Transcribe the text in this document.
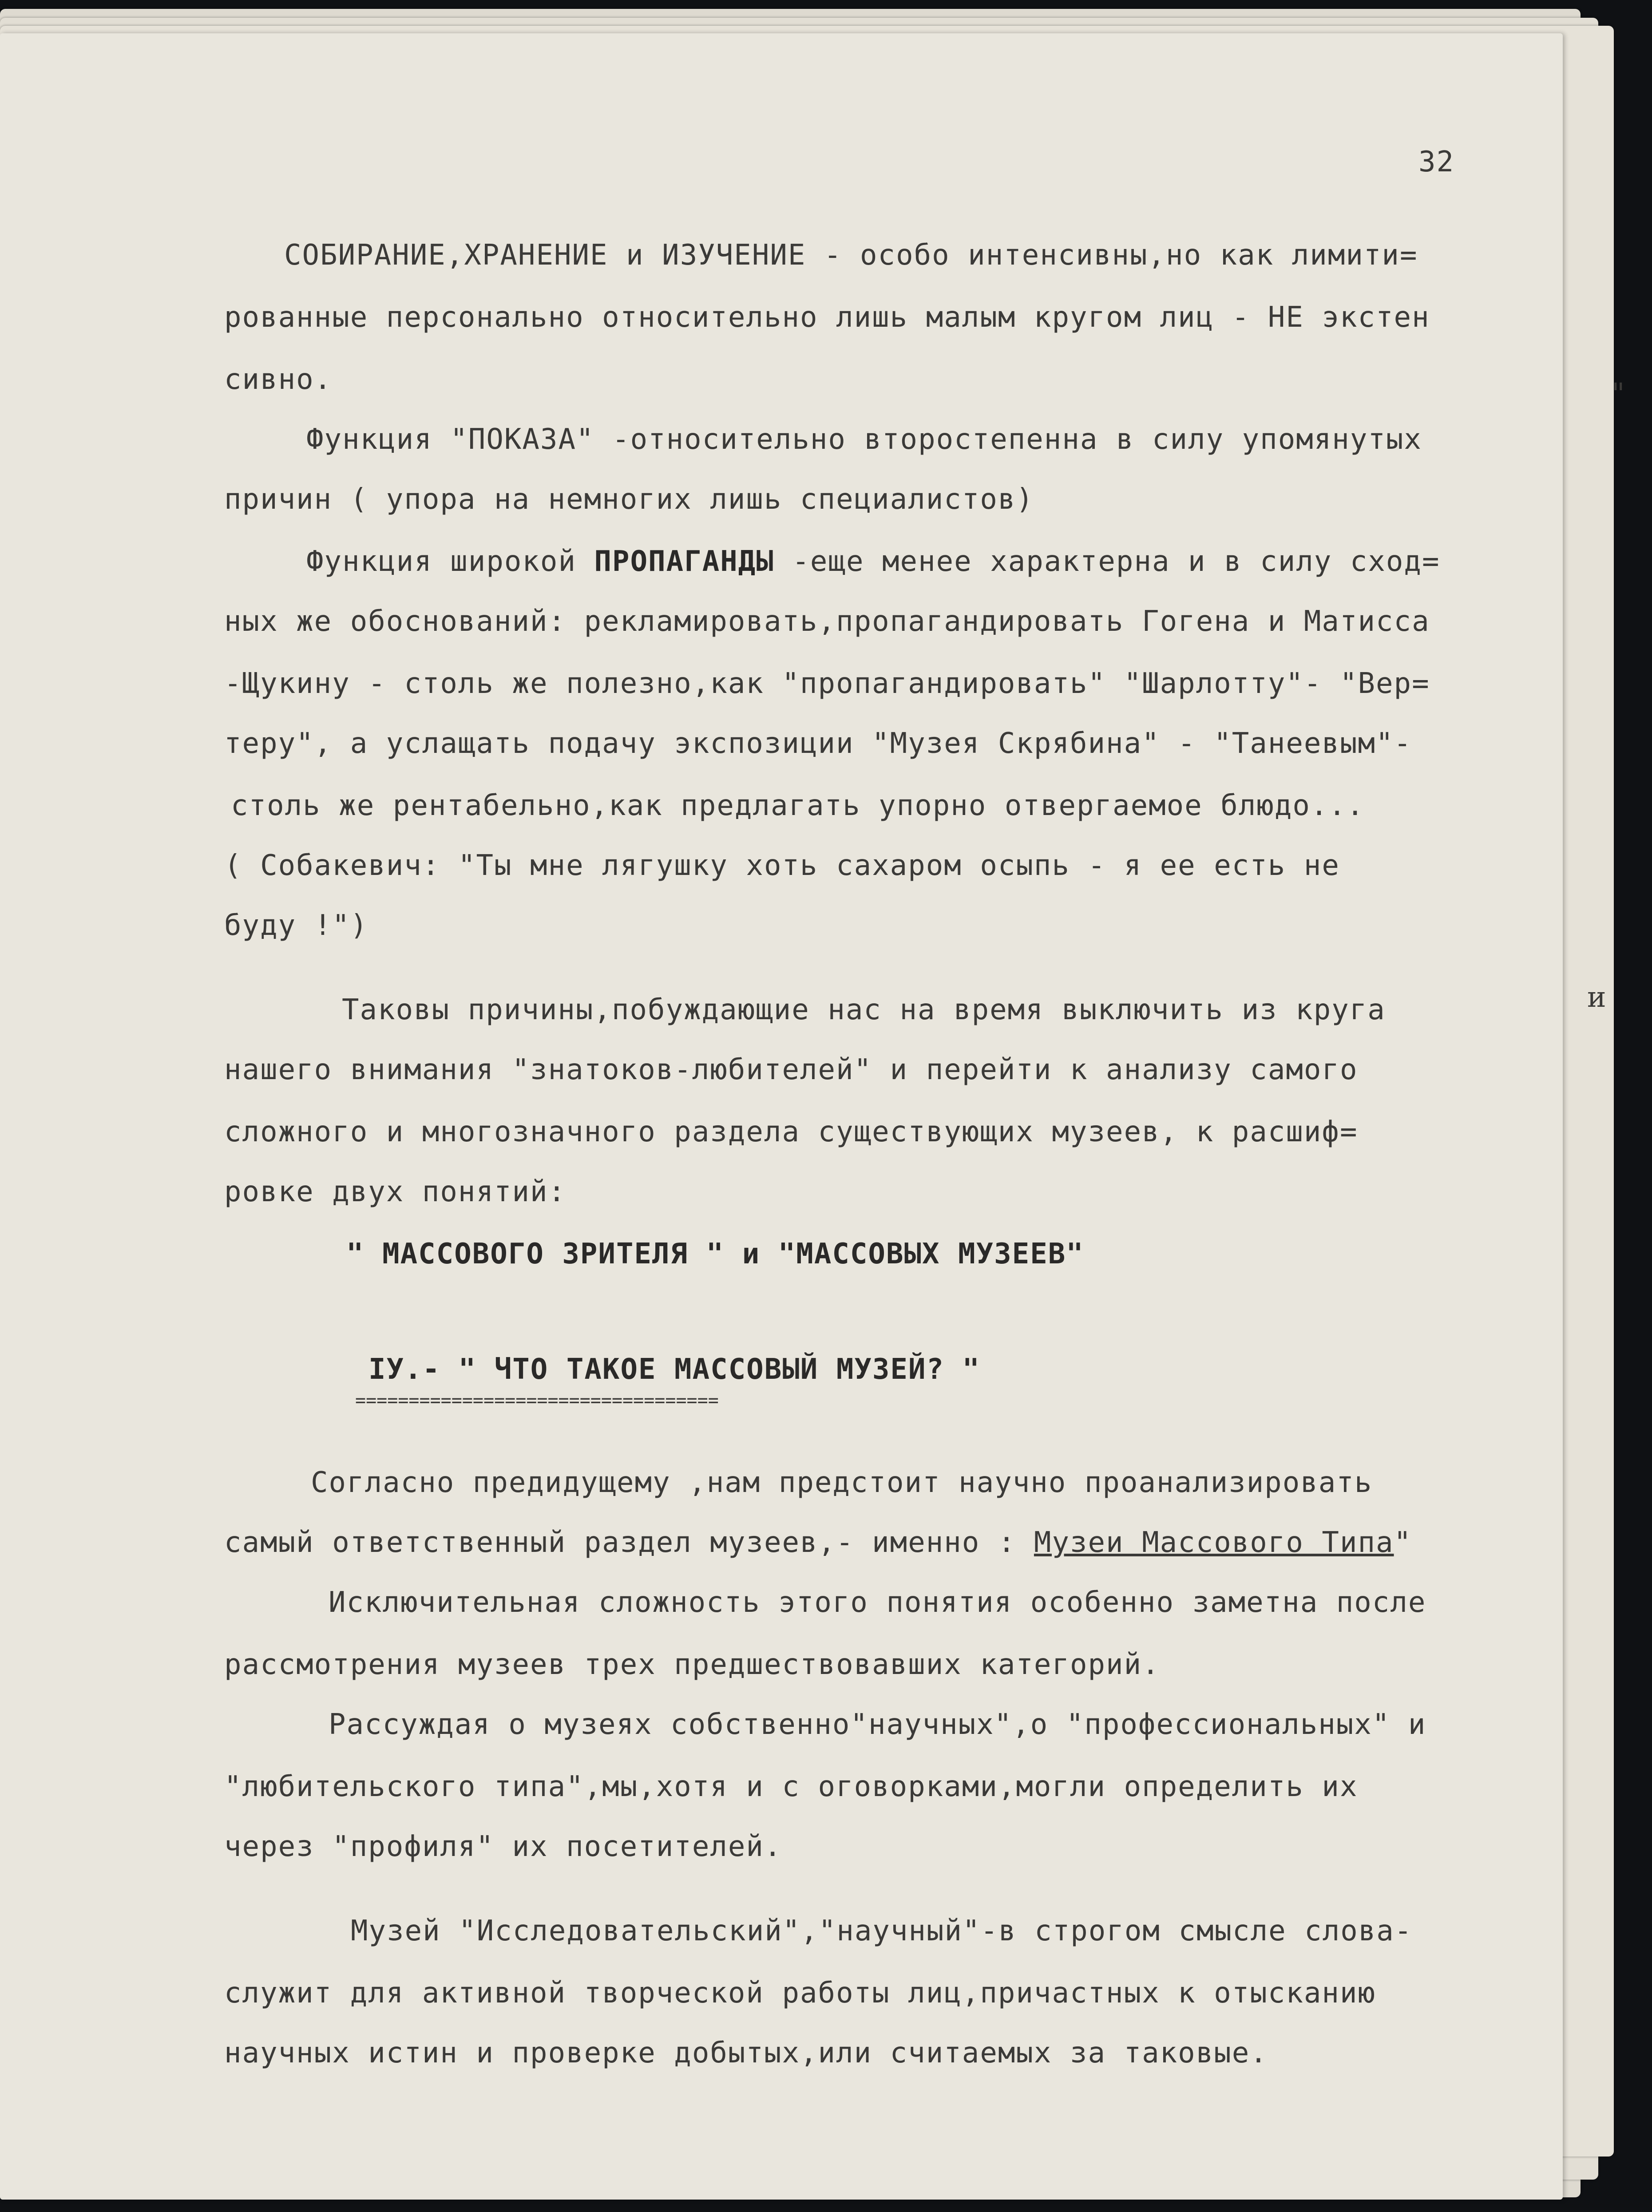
32
СОБИРАНИЕ,ХРАНЕНИЕ и ИЗУЧЕНИЕ - особо интенсивны,но как лимити=
рованные персонально относительно лишь малым кругом лиц - НЕ экстен
сивно.
Функция "ПОКАЗА" -относительно второстепенна в силу упомянутых
причин ( упора на немногих лишь специалистов)
Функция широкой ПРОПАГАНДЫ -еще менее характерна и в силу сход=
ных же обоснований: рекламировать,пропагандировать Гогена и Матисса
-Щукину - столь же полезно,как "пропагандировать" "Шарлотту"- "Вер=
теру", а услащать подачу экспозиции "Музея Скрябина" - "Танеевым"-
столь же рентабельно,как предлагать упорно отвергаемое блюдо...
( Собакевич: "Ты мне лягушку хоть сахаром осыпь - я ее есть не
буду !")
Таковы причины,побуждающие нас на время выключить из круга
нашего внимания "знатоков-любителей" и перейти к анализу самого
сложного и многозначного раздела существующих музеев, к расшиф=
ровке двух понятий:
" МАССОВОГО ЗРИТЕЛЯ " и "МАССОВЫХ МУЗЕЕВ"
IУ.- " ЧТО ТАКОЕ МАССОВЫЙ МУЗЕЙ? "
==================================
Согласно предидущему ,нам предстоит научно проанализировать
самый ответственный раздел музеев,- именно : Музеи Массового Типа"
Исключительная сложность этого понятия особенно заметна после
рассмотрения музеев трех предшествовавших категорий.
Рассуждая о музеях собственно"научных",о "профессиональных" и
"любительского типа",мы,хотя и с оговорками,могли определить их
через "профиля" их посетителей.
Музей "Исследовательский","научный"-в строгом смысле слова-
служит для активной творческой работы лиц,причастных к отысканию
научных истин и проверке добытых,или считаемых за таковые.
"
и
